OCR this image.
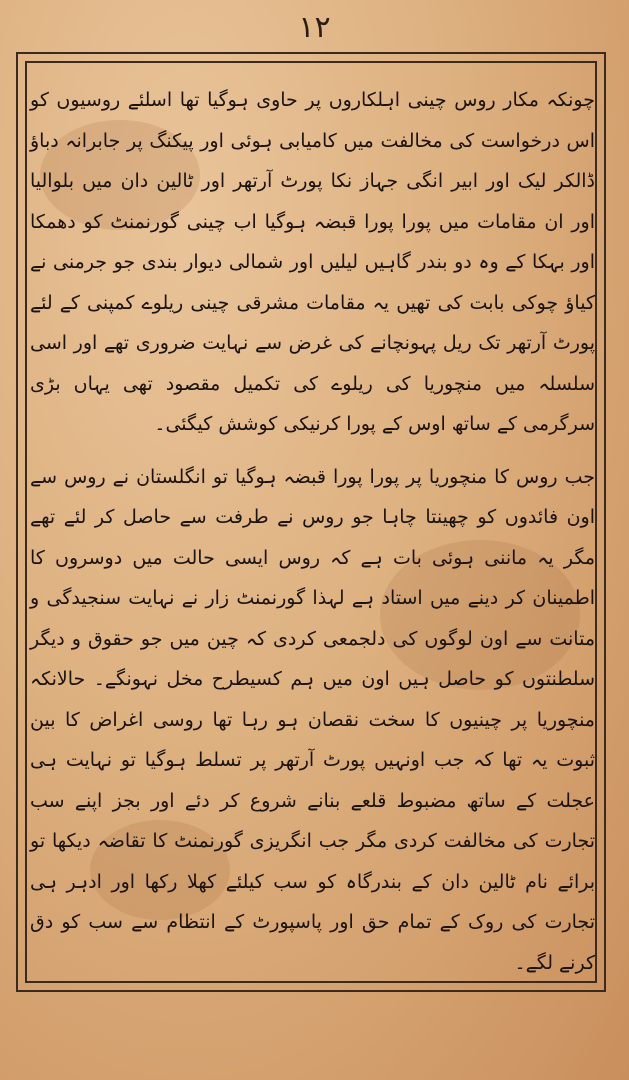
۱۲

چونکہ مکار روس چینی اہلکاروں پر حاوی ہوگیا تھا اسلئے روسیوں کو اس درخواست کی مخالفت میں کامیابی ہوئی اور پیکنگ پر جابرانہ دباؤ ڈالکر لیک اور ابیر انگی جہاز نکا پورٹ آرتھر اور ٹالین دان میں بلوالیا اور ان مقامات میں پورا پورا قبضہ ہوگیا اب چینی گورنمنٹ کو دھمکا اور بہکا کے وہ دو بندر گاہیں لیلیں اور شمالی دیوار بندی جو جرمنی نے کیاؤ چوکی بابت کی تھیں یہ مقامات مشرقی چینی ریلوے کمپنی کے لئے پورٹ آرتھر تک ریل پہونچانے کی غرض سے نہایت ضروری تھے اور اسی سلسلہ میں منچوریا کی ریلوے کی تکمیل مقصود تھی یہاں بڑی سرگرمی کے ساتھ اوس کے پورا کرنیکی کوشش کیگئی۔

جب روس کا منچوریا پر پورا پورا قبضہ ہوگیا تو انگلستان نے روس سے اون فائدوں کو چھینتا چاہا جو روس نے طرفت سے حاصل کر لئے تھے مگر یہ ماننی ہوئی بات ہے کہ روس ایسی حالت میں دوسروں کا اطمینان کر دینے میں استاد ہے لہذا گورنمنٹ زار نے نہایت سنجیدگی و متانت سے اون لوگوں کی دلجمعی کردی کہ چین میں جو حقوق و دیگر سلطنتوں کو حاصل ہیں اون میں ہم کسیطرح مخل نہونگے۔ حالانکہ منچوریا پر چینیوں کا سخت نقصان ہو رہا تھا روسی اغراض کا بین ثبوت یہ تھا کہ جب اونہیں پورٹ آرتھر پر تسلط ہوگیا تو نہایت ہی عجلت کے ساتھ مضبوط قلعے بنانے شروع کر دئے اور بجز اپنے سب تجارت کی مخالفت کردی مگر جب انگریزی گورنمنٹ کا تقاضہ دیکھا تو برائے نام ٹالین دان کے بندرگاہ کو سب کیلئے کھلا رکھا اور ادہر ہی تجارت کی روک کے تمام حق اور پاسپورٹ کے انتظام سے سب کو دق کرنے لگے۔
